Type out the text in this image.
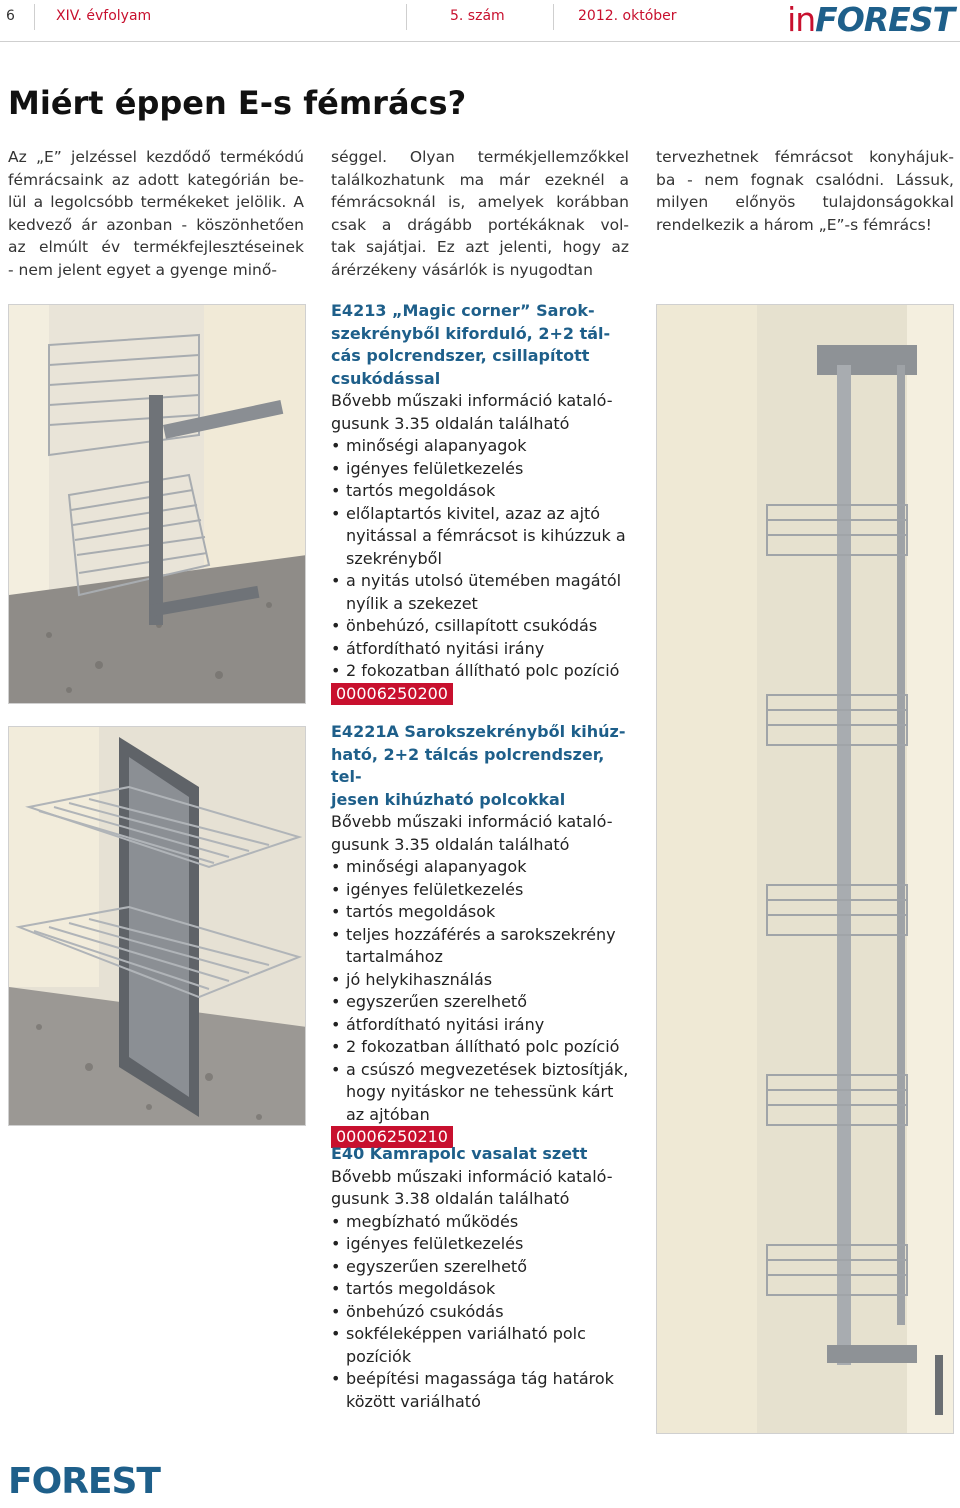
6	XIV. évfolyam	5. szám	2012. október	inFOREST
Miért éppen E-s fémrács?
Az „E” jelzéssel kezdődő termékódú
fémrácsaink az adott kategórián be-
lül a legolcsóbb termékeket jelölik. A
kedvező ár azonban - köszönhetően
az elmúlt év termékfejlesztéseinek
- nem jelent egyet a gyenge minő-
séggel. Olyan termékjellemzőkkel
találkozhatunk ma már ezeknél a
fémrácsoknál is, amelyek korábban
csak a drágább portékáknak vol-
tak sajátjai. Ez azt jelenti, hogy az
árérzékeny vásárlók is nyugodtan
tervezhetnek fémrácsot konyhájuk-
ba - nem fognak csalódni. Lássuk,
milyen előnyös tulajdonságokkal
rendelkezik a három „E”-s fémrács!
E4213 „Magic corner” Sarok-
szekrényből kiforduló, 2+2 tál-
cás polcrendszer, csillapított
csukódással
Bővebb műszaki információ kataló-
gusunk 3.35 oldalán található
• minőségi alapanyagok
• igényes felületkezelés
• tartós megoldások
• előlaptartós kivitel, azaz az ajtó nyitással a fémrácsot is kihúzzuk a szekrényből
• a nyitás utolsó ütemében magától nyílik a szekezet
• önbehúzó, csillapított csukódás
• átfordítható nyitási irány
• 2 fokozatban állítható polc pozíció
00006250200
E4221A Sarokszekrényből kihúz-
ható, 2+2 tálcás polcrendszer, tel-
jesen kihúzható polcokkal
Bővebb műszaki információ kataló-
gusunk 3.35 oldalán található
• minőségi alapanyagok
• igényes felületkezelés
• tartós megoldások
• teljes hozzáférés a sarokszekrény tartalmához
• jó helykihasználás
• egyszerűen szerelhető
• átfordítható nyitási irány
• 2 fokozatban állítható polc pozíció
• a csúszó megvezetések biztosítják, hogy nyitáskor ne tehessünk kárt az ajtóban
00006250210
E40 Kamrapolc vasalat szett
Bővebb műszaki információ kataló-
gusunk 3.38 oldalán található
• megbízható működés
• igényes felületkezelés
• egyszerűen szerelhető
• tartós megoldások
• önbehúzó csukódás
• sokféleképpen variálható polc pozíciók
• beépítési magassága tág határok között variálható
FOREST
